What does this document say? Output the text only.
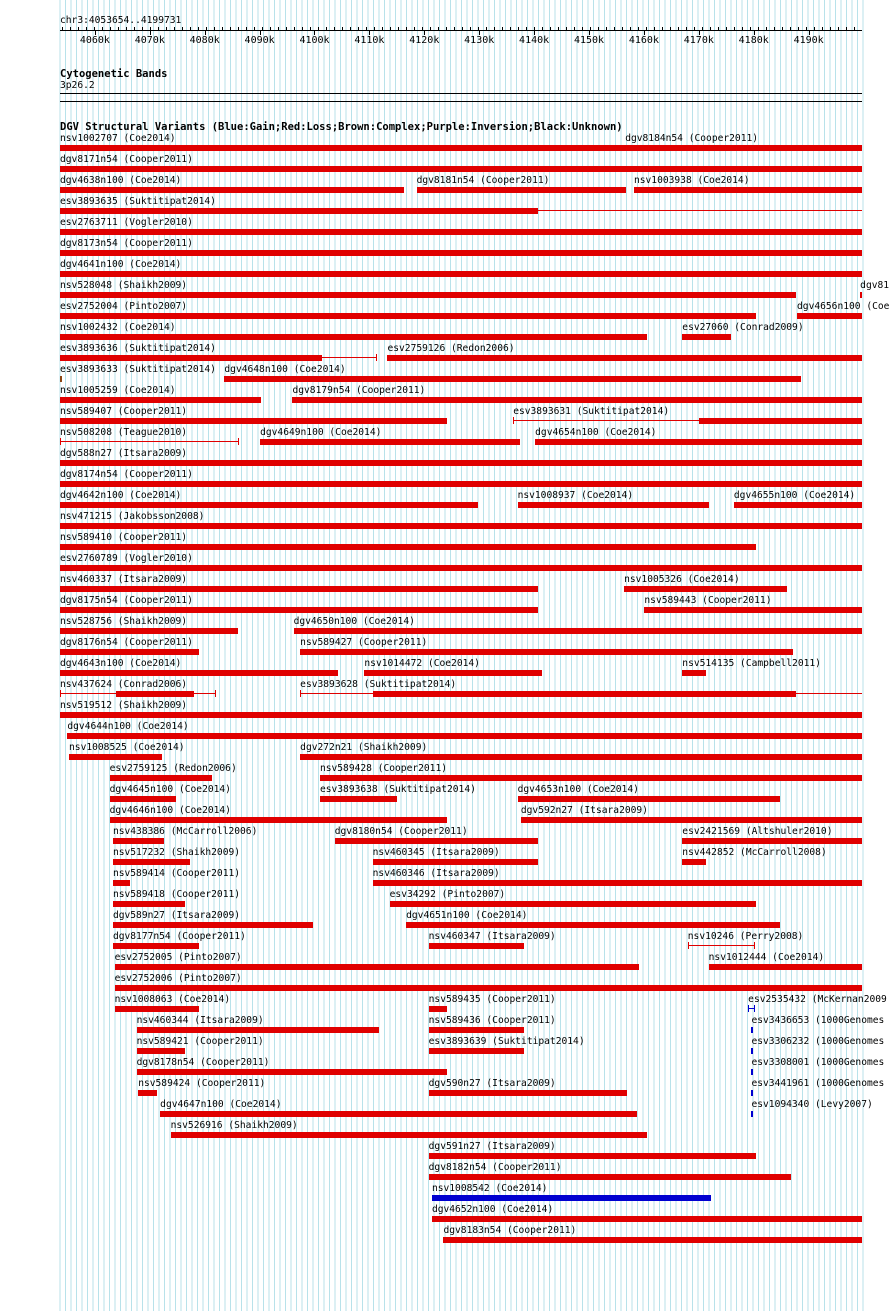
chr3:4053654..4199731
4060k 4070k 4080k 4090k 4100k 4110k 4120k 4130k 4140k 4150k 4160k 4170k 4180k 4190k
Cytogenetic Bands
3p26.2
DGV Structural Variants (Blue:Gain;Red:Loss;Brown:Complex;Purple:Inversion;Black:Unknown)
nsv1002707 (Coe2014)	dgv8184n54 (Cooper2011)
dgv8171n54 (Cooper2011)
dgv4638n100 (Coe2014)	dgv8181n54 (Cooper2011)	nsv1003938 (Coe2014)
esv3893635 (Suktitipat2014)
esv2763711 (Vogler2010)
dgv8173n54 (Cooper2011)
dgv4641n100 (Coe2014)
nsv528048 (Shaikh2009)	dgv81
esv2752004 (Pinto2007)	dgv4656n100 (Coe
nsv1002432 (Coe2014)	esv27060 (Conrad2009)
esv3893636 (Suktitipat2014)	esv2759126 (Redon2006)
esv3893633 (Suktitipat2014) dgv4648n100 (Coe2014)
nsv1005259 (Coe2014)	dgv8179n54 (Cooper2011)
nsv589407 (Cooper2011)	esv3893631 (Suktitipat2014)
nsv508208 (Teague2010)	dgv4649n100 (Coe2014)	dgv4654n100 (Coe2014)
dgv588n27 (Itsara2009)
dgv8174n54 (Cooper2011)
dgv4642n100 (Coe2014)	nsv1008937 (Coe2014)	dgv4655n100 (Coe2014)
nsv471215 (Jakobsson2008)
nsv589410 (Cooper2011)
esv2760789 (Vogler2010)
nsv460337 (Itsara2009)	nsv1005326 (Coe2014)
dgv8175n54 (Cooper2011)	nsv589443 (Cooper2011)
nsv528756 (Shaikh2009)	dgv4650n100 (Coe2014)
dgv8176n54 (Cooper2011)	nsv589427 (Cooper2011)
dgv4643n100 (Coe2014)	nsv1014472 (Coe2014)	nsv514135 (Campbell2011)
nsv437624 (Conrad2006)	esv3893628 (Suktitipat2014)
nsv519512 (Shaikh2009)
dgv4644n100 (Coe2014)
nsv1008525 (Coe2014)	dgv272n21 (Shaikh2009)
esv2759125 (Redon2006)	nsv589428 (Cooper2011)
dgv4645n100 (Coe2014)	esv3893638 (Suktitipat2014)	dgv4653n100 (Coe2014)
dgv4646n100 (Coe2014)	dgv592n27 (Itsara2009)
nsv438386 (McCarroll2006)	dgv8180n54 (Cooper2011)	esv2421569 (Altshuler2010)
nsv517232 (Shaikh2009)	nsv460345 (Itsara2009)	nsv442852 (McCarroll2008)
nsv589414 (Cooper2011)	nsv460346 (Itsara2009)
nsv589418 (Cooper2011)	esv34292 (Pinto2007)
dgv589n27 (Itsara2009)	dgv4651n100 (Coe2014)
dgv8177n54 (Cooper2011)	nsv460347 (Itsara2009)	nsv10246 (Perry2008)
esv2752005 (Pinto2007)	nsv1012444 (Coe2014)
esv2752006 (Pinto2007)
nsv1008063 (Coe2014)	nsv589435 (Cooper2011)	esv2535432 (McKernan2009
nsv460344 (Itsara2009)	nsv589436 (Cooper2011)	esv3436653 (1000Genomes
nsv589421 (Cooper2011)	esv3893639 (Suktitipat2014)	esv3306232 (1000Genomes
dgv8178n54 (Cooper2011)	esv3308001 (1000Genomes
nsv589424 (Cooper2011)	dgv590n27 (Itsara2009)	esv3441961 (1000Genomes
dgv4647n100 (Coe2014)	esv1094340 (Levy2007)
nsv526916 (Shaikh2009)
dgv591n27 (Itsara2009)
dgv8182n54 (Cooper2011)
nsv1008542 (Coe2014)
dgv4652n100 (Coe2014)
dgv8183n54 (Cooper2011)
